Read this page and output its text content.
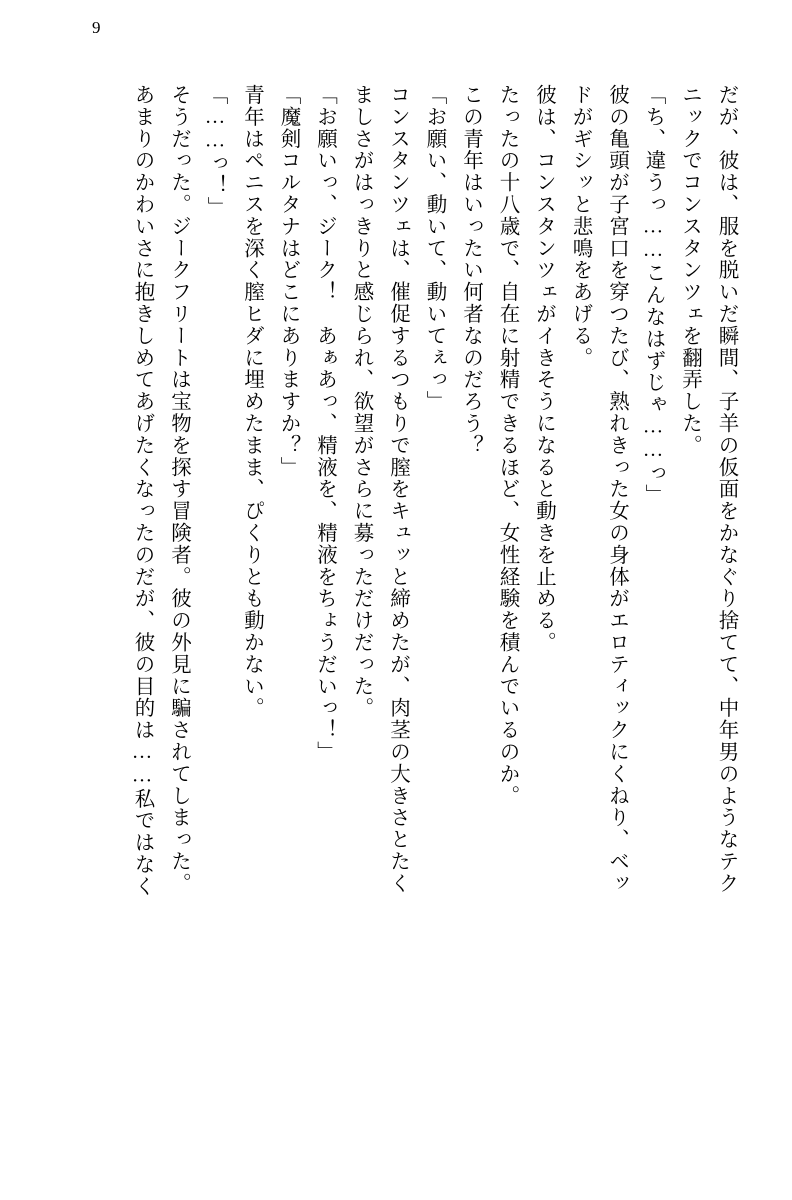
9
だが、彼は、服を脱いだ瞬間、子羊の仮面をかなぐり捨てて、中年男のようなテク
ニックでコンスタンツェを翻弄した。
「ち、違うっ……こんなはずじゃ……っ」
彼の亀頭が子宮口を穿つたび、熟れきった女の身体がエロティックにくねり、ベッ
ドがギシッと悲鳴をあげる。
彼は、コンスタンツェがイきそうになると動きを止める。
たったの十八歳で、自在に射精できるほど、女性経験を積んでいるのか。
この青年はいったい何者なのだろう？
「お願い、動いて、動いてぇっ」
コンスタンツェは、催促するつもりで膣をキュッと締めたが、肉茎の大きさとたく
ましさがはっきりと感じられ、欲望がさらに募っただけだった。
「お願いっ、ジーク！　あぁあっ、精液を、精液をちょうだいっ！」
「魔剣コルタナはどこにありますか？」
青年はペニスを深く膣ヒダに埋めたまま、ぴくりとも動かない。
「……っ！」
そうだった。ジークフリートは宝物を探す冒険者。彼の外見に騙されてしまった。
あまりのかわいさに抱きしめてあげたくなったのだが、彼の目的は……私ではなく
